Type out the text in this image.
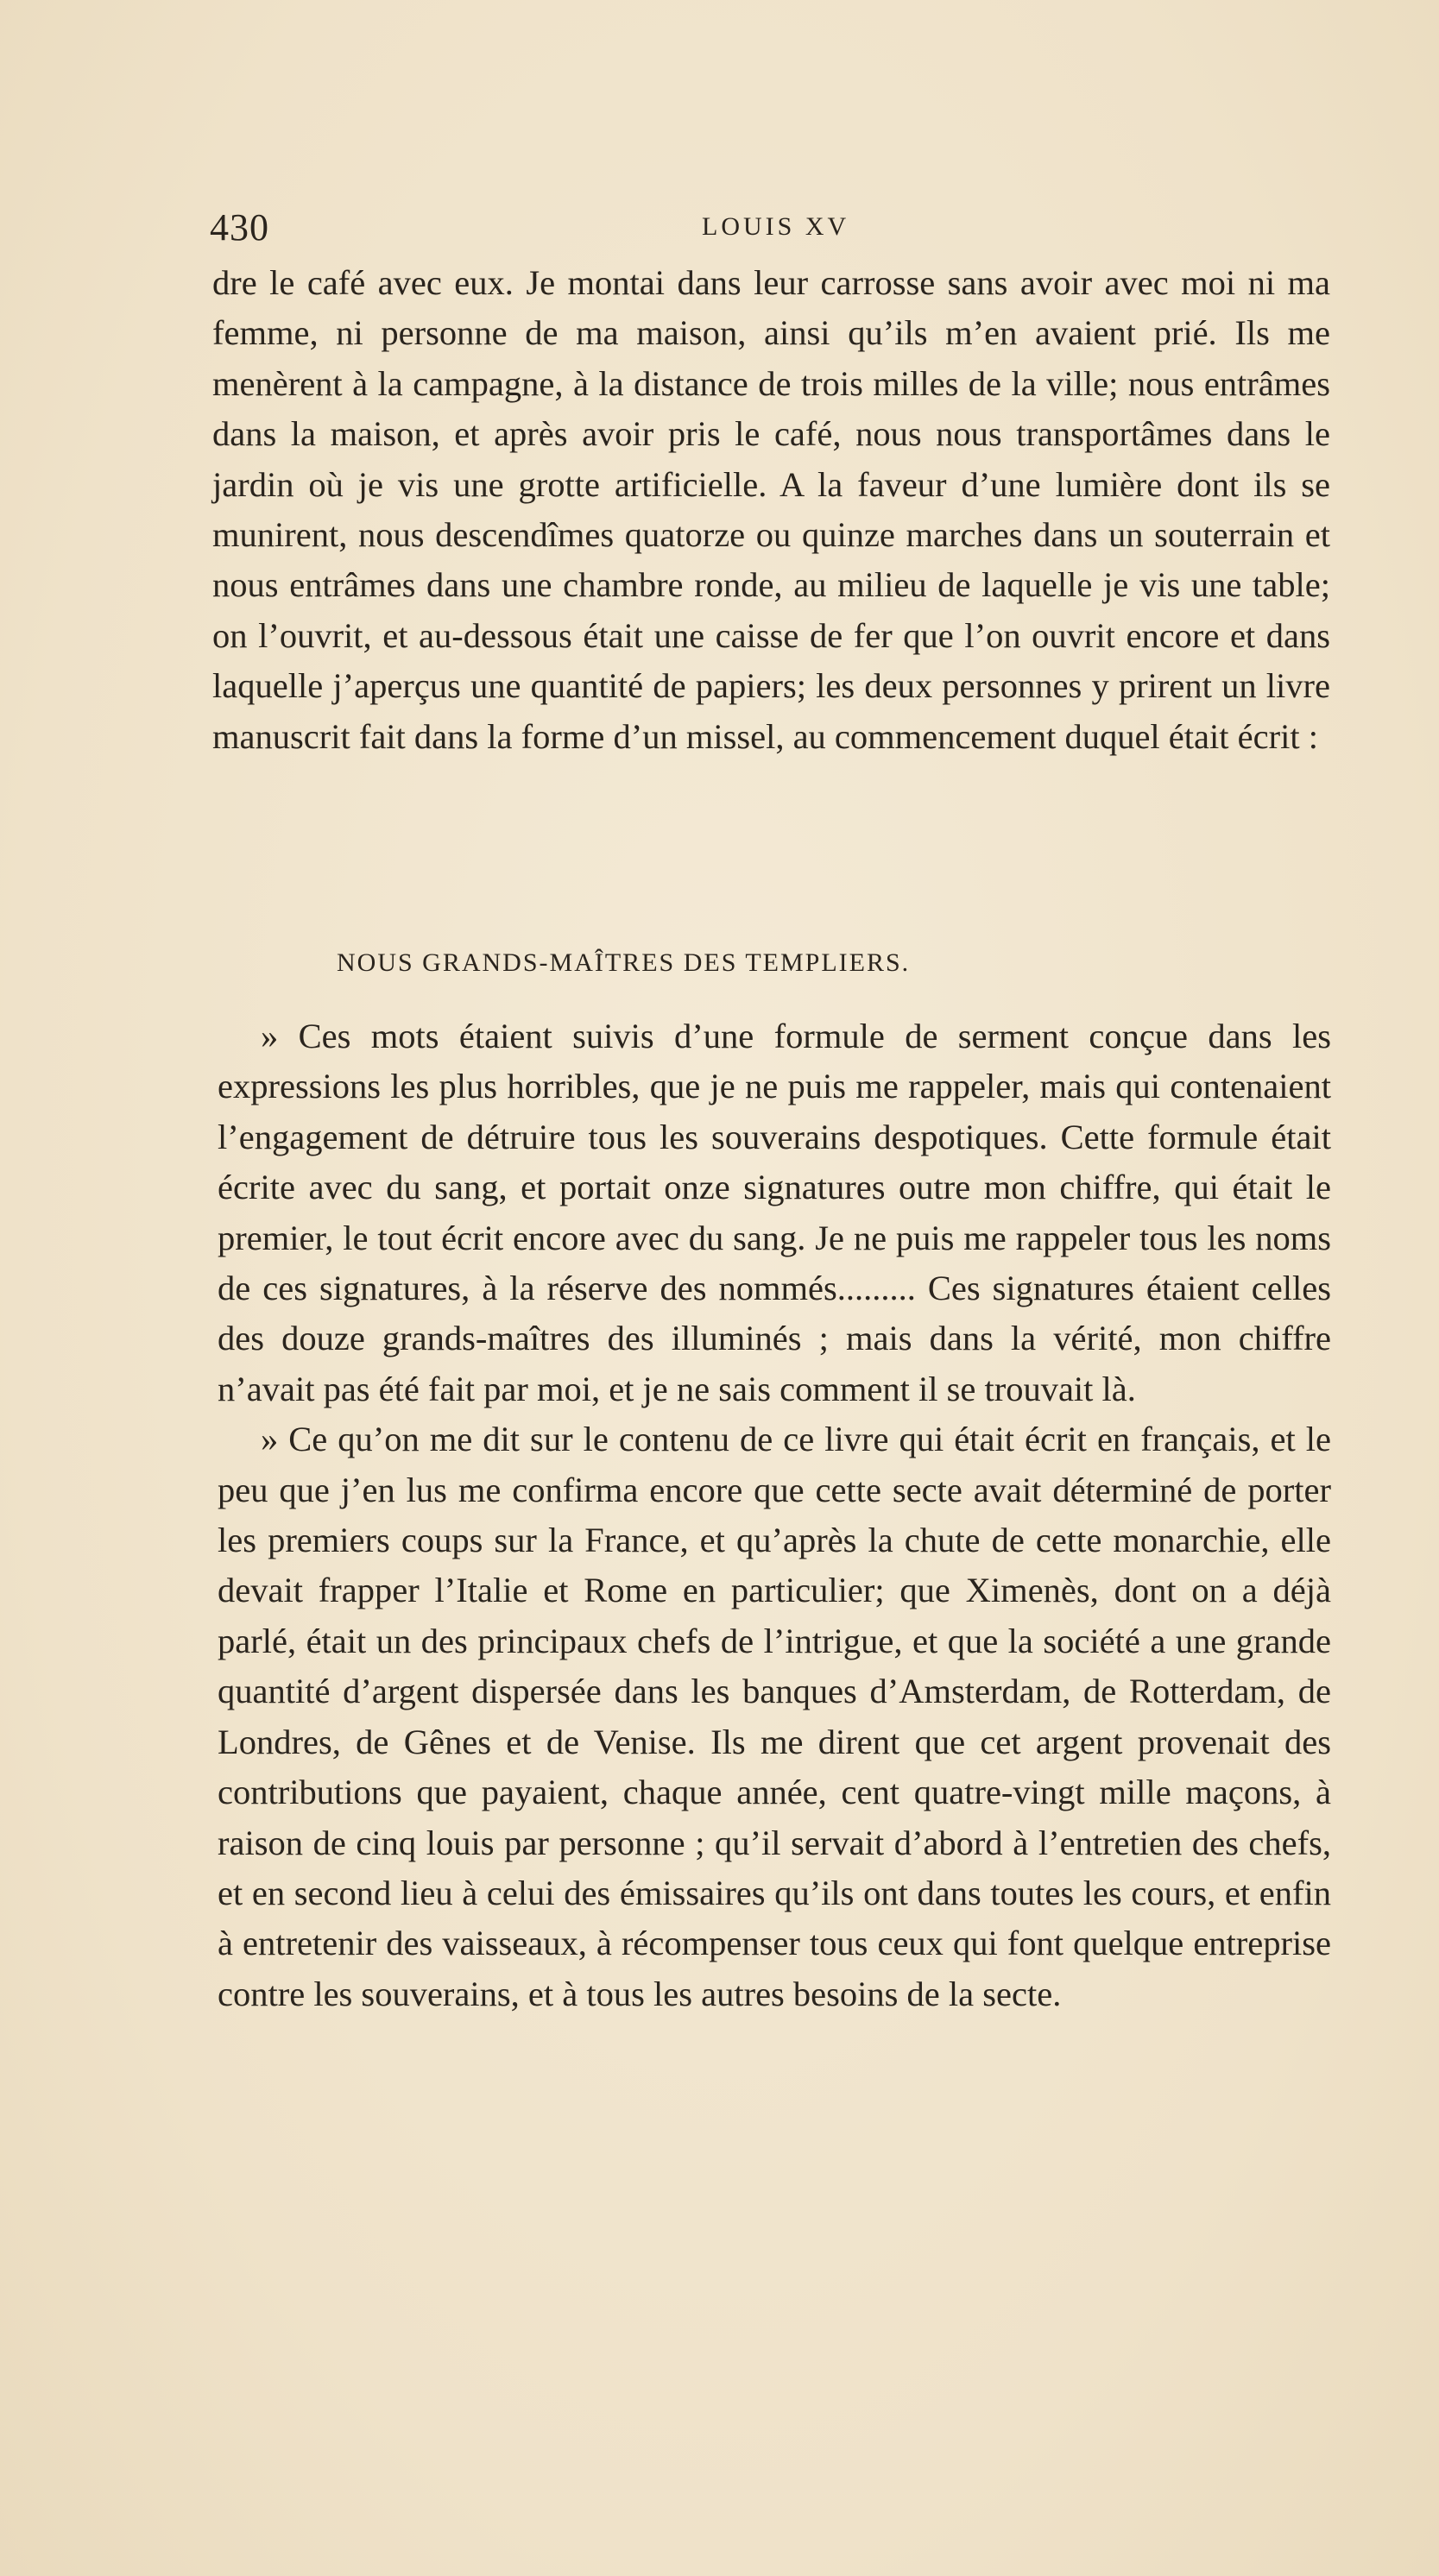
430	LOUIS XV

dre le café avec eux. Je montai dans leur carrosse sans avoir avec moi ni ma femme, ni personne de ma maison, ainsi qu’ils m’en avaient prié. Ils me menèrent à la campagne, à la distance de trois milles de la ville; nous entrâmes dans la maison, et après avoir pris le café, nous nous transportâmes dans le jardin où je vis une grotte artificielle. A la faveur d’une lumière dont ils se munirent, nous descendîmes quatorze ou quinze marches dans un souterrain et nous entrâmes dans une chambre ronde, au milieu de laquelle je vis une table; on l’ouvrit, et au-dessous était une caisse de fer que l’on ouvrit encore et dans laquelle j’aperçus une quantité de papiers; les deux personnes y prirent un livre manuscrit fait dans la forme d’un missel, au commencement duquel était écrit :

NOUS GRANDS-MAÎTRES DES TEMPLIERS.

» Ces mots étaient suivis d’une formule de serment conçue dans les expressions les plus horribles, que je ne puis me rappeler, mais qui contenaient l’engagement de détruire tous les souverains despotiques. Cette formule était écrite avec du sang, et portait onze signatures outre mon chiffre, qui était le premier, le tout écrit encore avec du sang. Je ne puis me rappeler tous les noms de ces signatures, à la réserve des nommés......... Ces signatures étaient celles des douze grands-maîtres des illuminés ; mais dans la vérité, mon chiffre n’avait pas été fait par moi, et je ne sais comment il se trouvait là.

» Ce qu’on me dit sur le contenu de ce livre qui était écrit en français, et le peu que j’en lus me confirma encore que cette secte avait déterminé de porter les premiers coups sur la France, et qu’après la chute de cette monarchie, elle devait frapper l’Italie et Rome en particulier; que Ximenès, dont on a déjà parlé, était un des principaux chefs de l’intrigue, et que la société a une grande quantité d’argent dispersée dans les banques d’Amsterdam, de Rotterdam, de Londres, de Gênes et de Venise. Ils me dirent que cet argent provenait des contributions que payaient, chaque année, cent quatre-vingt mille maçons, à raison de cinq louis par personne ; qu’il servait d’abord à l’entretien des chefs, et en second lieu à celui des émissaires qu’ils ont dans toutes les cours, et enfin à entretenir des vaisseaux, à récompenser tous ceux qui font quelque entreprise contre les souverains, et à tous les autres besoins de la secte.
